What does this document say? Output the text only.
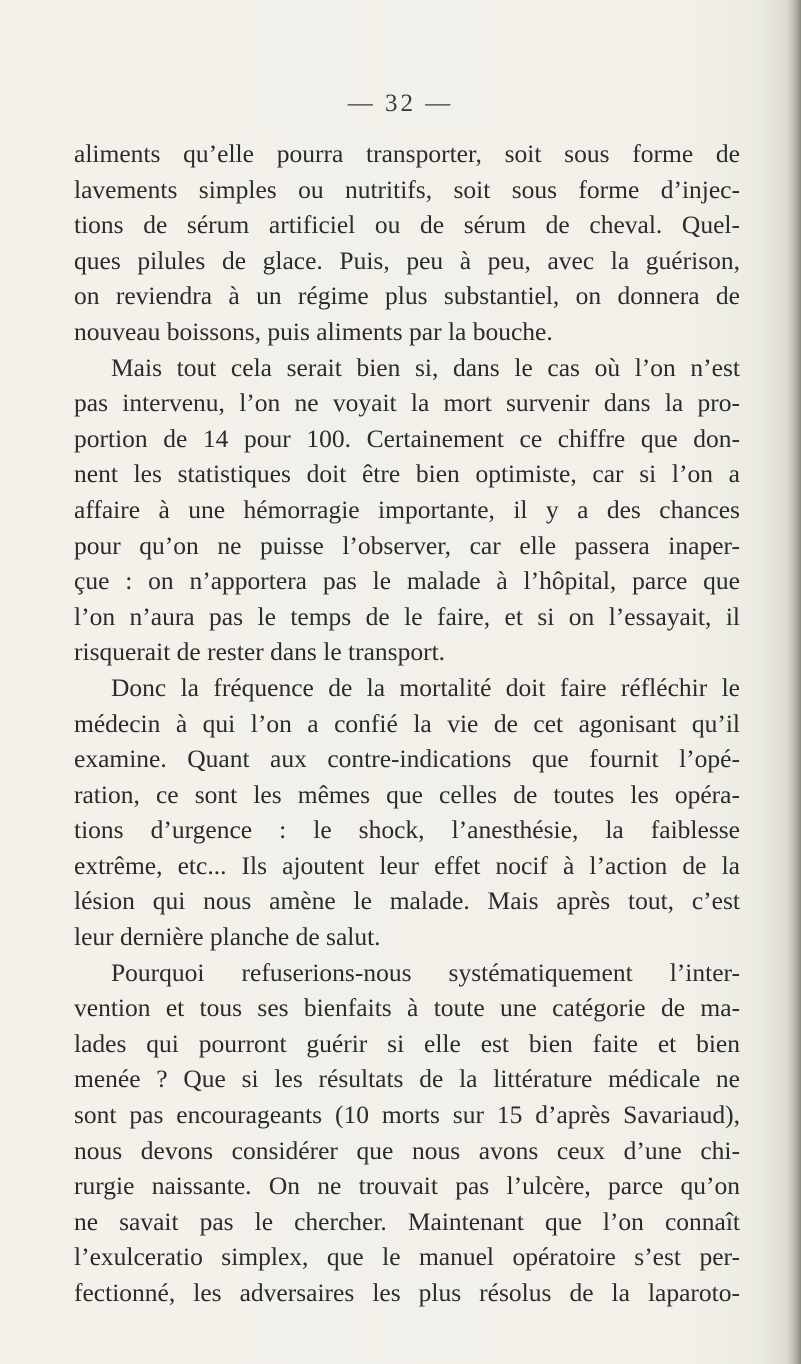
— 32 —
aliments qu’elle pourra transporter, soit sous forme de
lavements simples ou nutritifs, soit sous forme d’injec-
tions de sérum artificiel ou de sérum de cheval. Quel-
ques pilules de glace. Puis, peu à peu, avec la guérison,
on reviendra à un régime plus substantiel, on donnera de
nouveau boissons, puis aliments par la bouche.
Mais tout cela serait bien si, dans le cas où l’on n’est
pas intervenu, l’on ne voyait la mort survenir dans la pro-
portion de 14 pour 100. Certainement ce chiffre que don-
nent les statistiques doit être bien optimiste, car si l’on a
affaire à une hémorragie importante, il y a des chances
pour qu’on ne puisse l’observer, car elle passera inaper-
çue : on n’apportera pas le malade à l’hôpital, parce que
l’on n’aura pas le temps de le faire, et si on l’essayait, il
risquerait de rester dans le transport.
Donc la fréquence de la mortalité doit faire réfléchir le
médecin à qui l’on a confié la vie de cet agonisant qu’il
examine. Quant aux contre-indications que fournit l’opé-
ration, ce sont les mêmes que celles de toutes les opéra-
tions d’urgence : le shock, l’anesthésie, la faiblesse
extrême, etc... Ils ajoutent leur effet nocif à l’action de la
lésion qui nous amène le malade. Mais après tout, c’est
leur dernière planche de salut.
Pourquoi refuserions-nous systématiquement l’inter-
vention et tous ses bienfaits à toute une catégorie de ma-
lades qui pourront guérir si elle est bien faite et bien
menée ? Que si les résultats de la littérature médicale ne
sont pas encourageants (10 morts sur 15 d’après Savariaud),
nous devons considérer que nous avons ceux d’une chi-
rurgie naissante. On ne trouvait pas l’ulcère, parce qu’on
ne savait pas le chercher. Maintenant que l’on connaît
l’exulceratio simplex, que le manuel opératoire s’est per-
fectionné, les adversaires les plus résolus de la laparoto-
